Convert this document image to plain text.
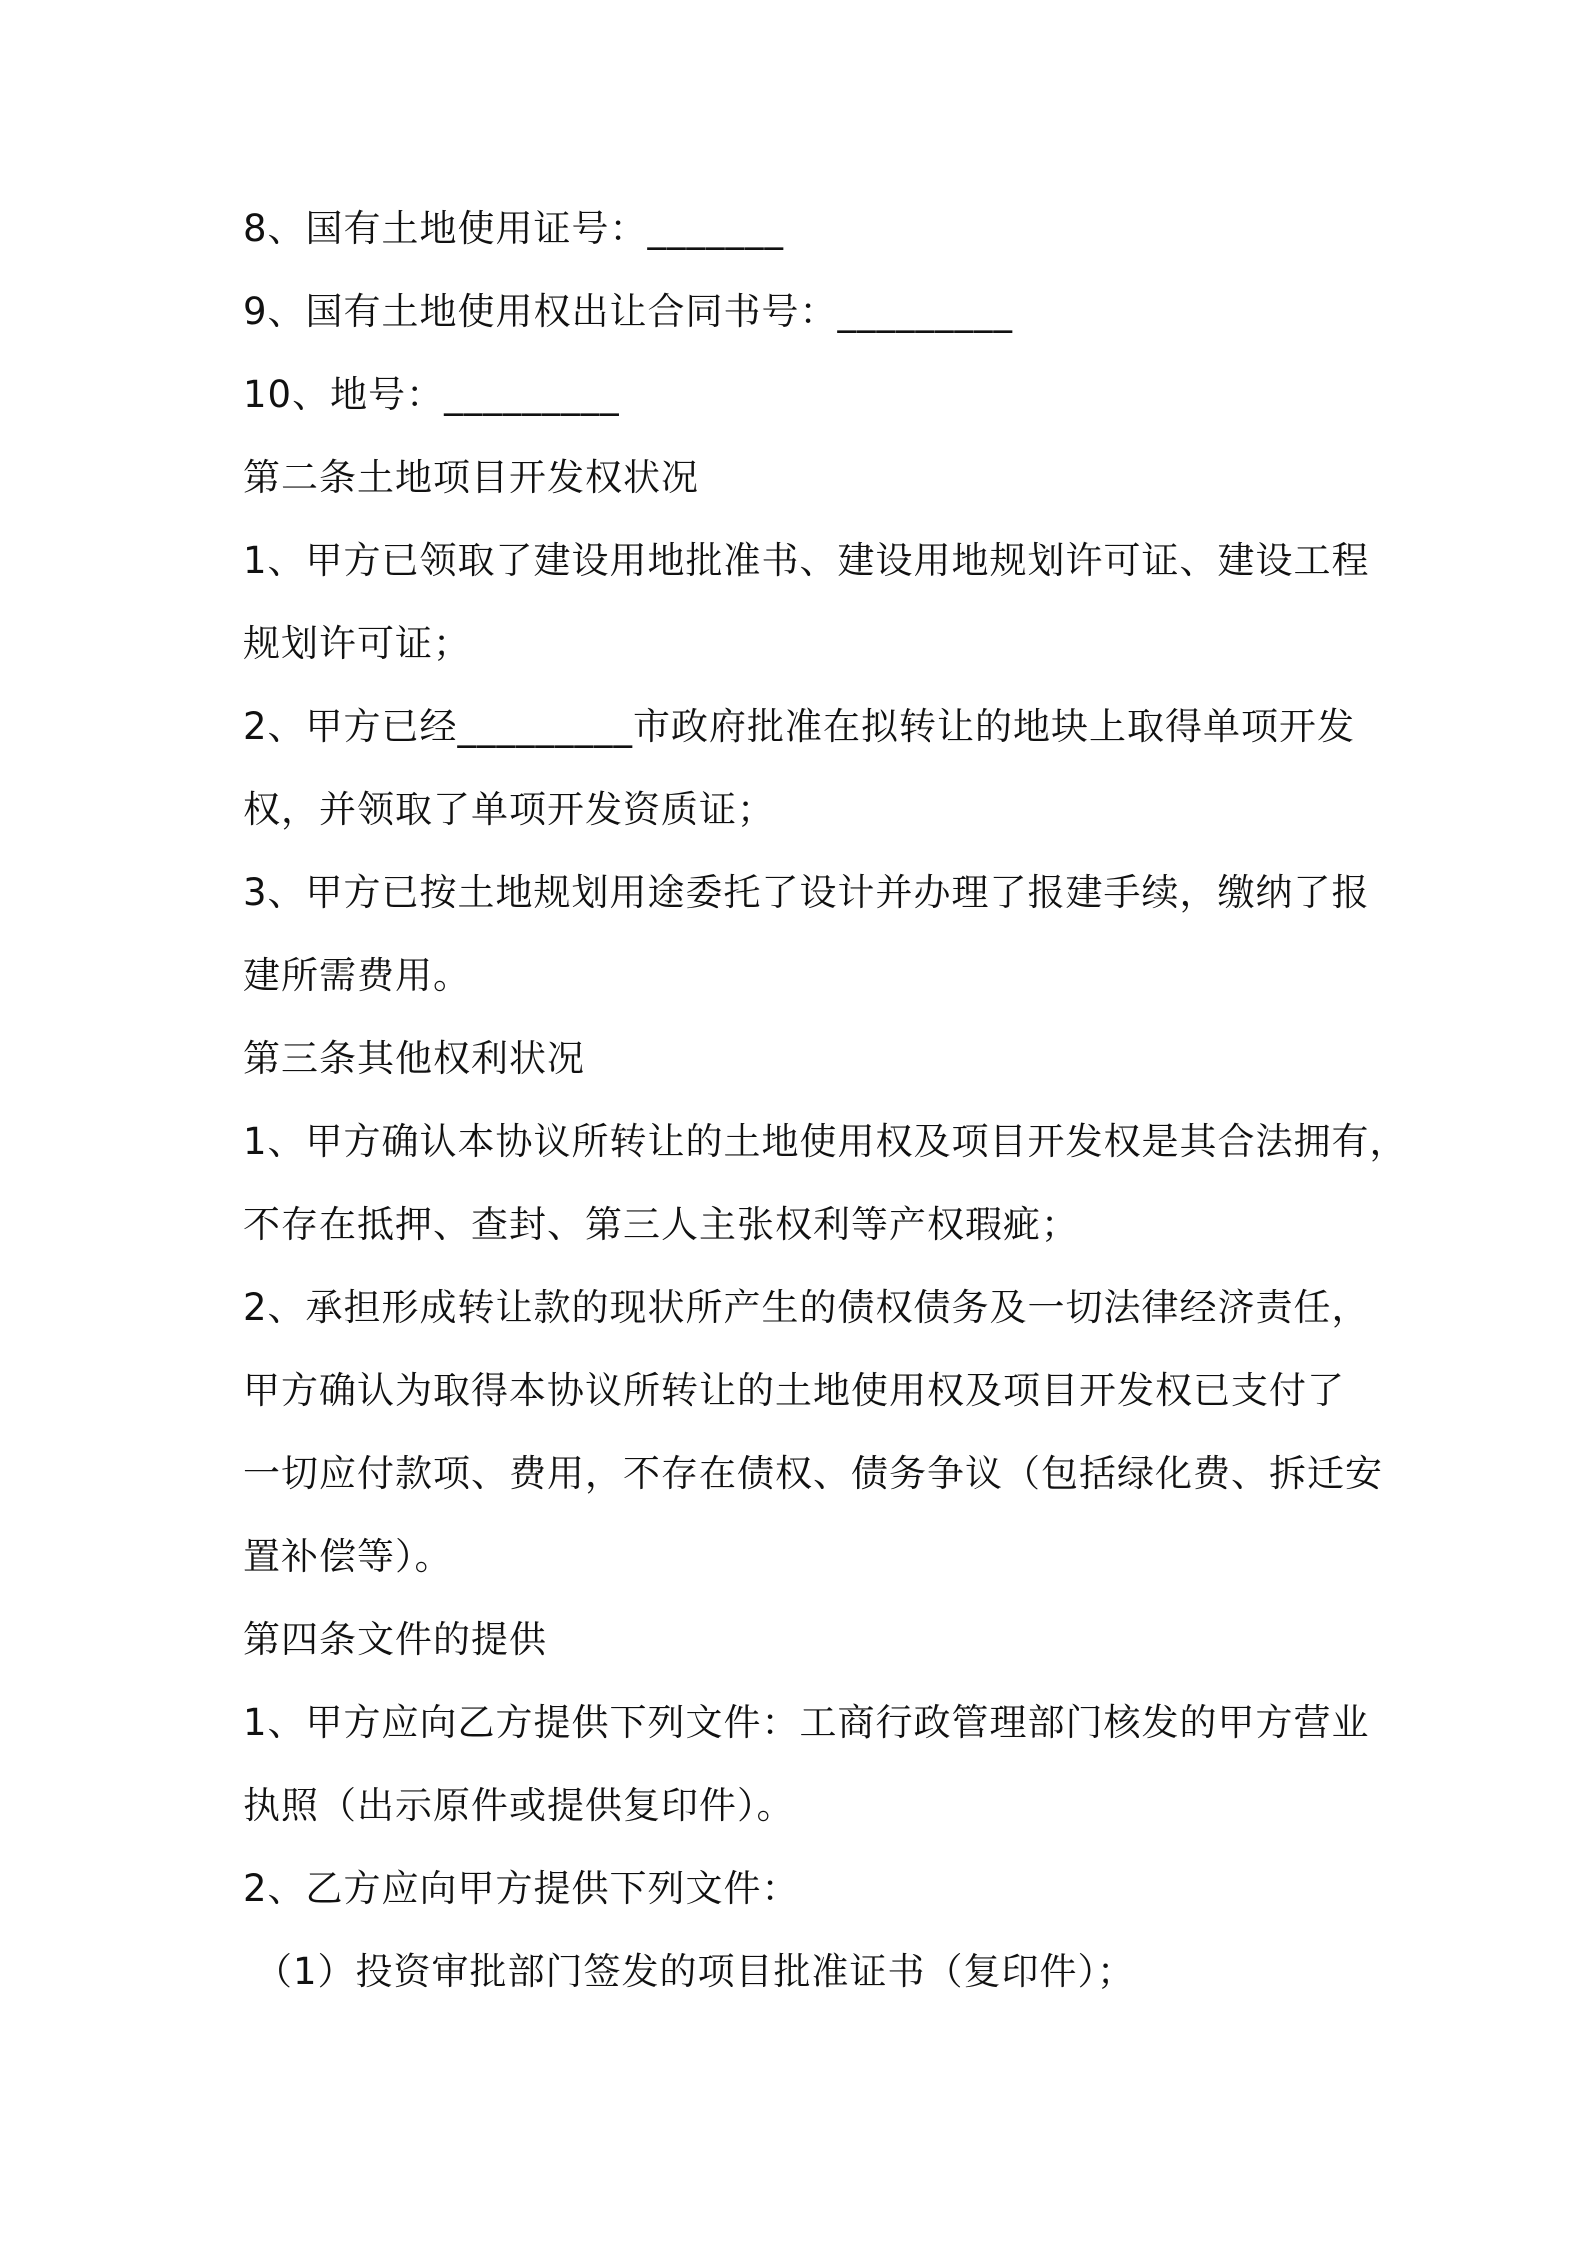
8、国有土地使用证号：_______
9、国有土地使用权出让合同书号：_________
10、地号：_________
第二条土地项目开发权状况
1、甲方已领取了建设用地批准书、建设用地规划许可证、建设工程
规划许可证；
2、甲方已经_________市政府批准在拟转让的地块上取得单项开发
权，并领取了单项开发资质证；
3、甲方已按土地规划用途委托了设计并办理了报建手续，缴纳了报
建所需费用。
第三条其他权利状况
1、甲方确认本协议所转让的土地使用权及项目开发权是其合法拥有，
不存在抵押、查封、第三人主张权利等产权瑕疵；
2、承担形成转让款的现状所产生的债权债务及一切法律经济责任，
甲方确认为取得本协议所转让的土地使用权及项目开发权已支付了
一切应付款项、费用，不存在债权、债务争议（包括绿化费、拆迁安
置补偿等）。
第四条文件的提供
1、甲方应向乙方提供下列文件：工商行政管理部门核发的甲方营业
执照（出示原件或提供复印件）。
2、乙方应向甲方提供下列文件：
（1）投资审批部门签发的项目批准证书（复印件）；
